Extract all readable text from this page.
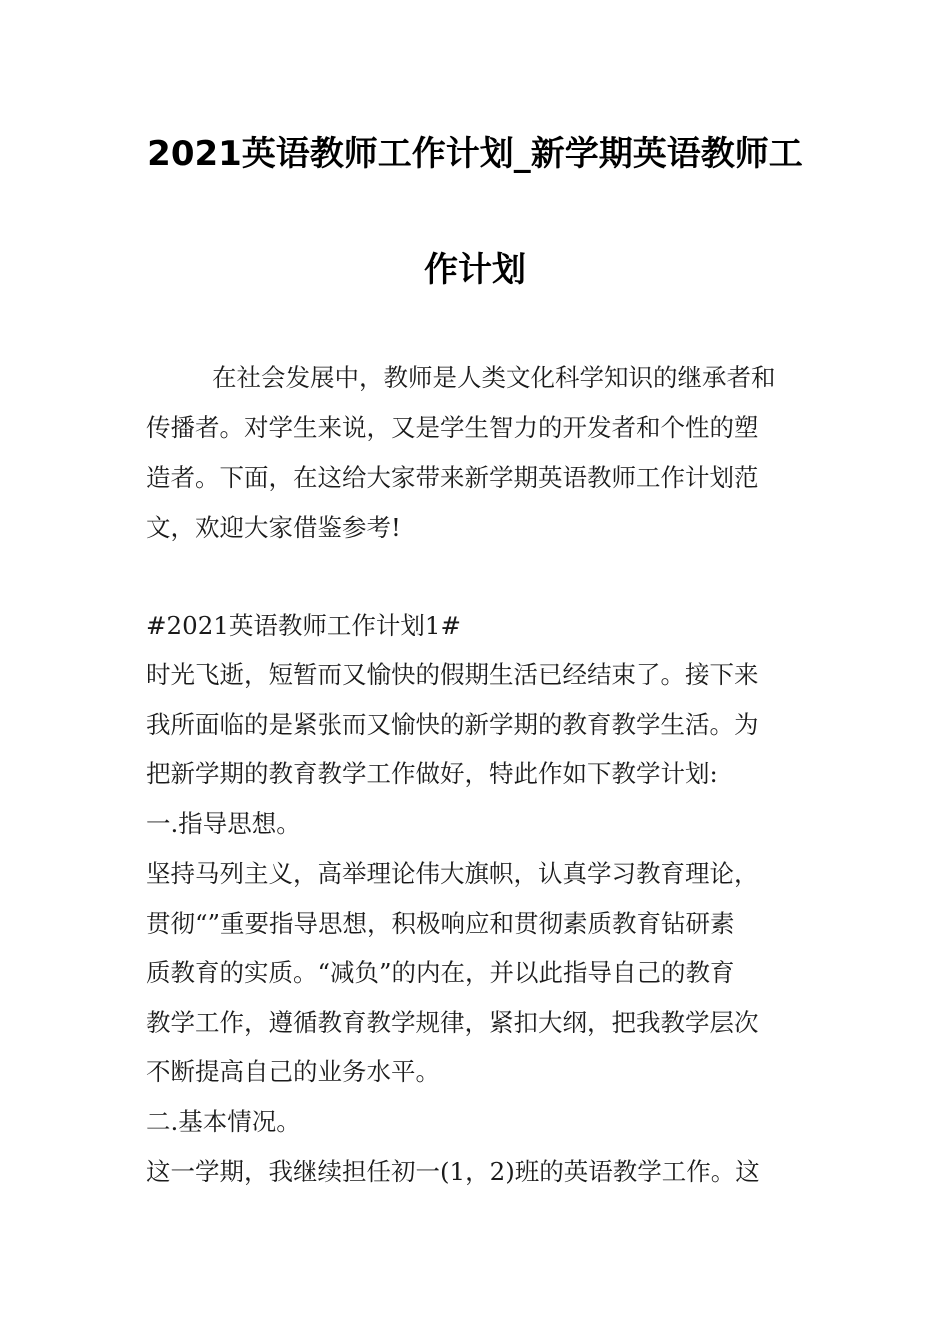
2021英语教师工作计划_新学期英语教师工
作计划
在社会发展中，教师是人类文化科学知识的继承者和
传播者。对学生来说，又是学生智力的开发者和个性的塑
造者。下面，在这给大家带来新学期英语教师工作计划范
文，欢迎大家借鉴参考!
#2021英语教师工作计划1#
时光飞逝，短暂而又愉快的假期生活已经结束了。接下来
我所面临的是紧张而又愉快的新学期的教育教学生活。为
把新学期的教育教学工作做好，特此作如下教学计划:
一.指导思想。
坚持马列主义，高举理论伟大旗帜，认真学习教育理论，
贯彻“”重要指导思想，积极响应和贯彻素质教育钻研素
质教育的实质。“减负”的内在，并以此指导自己的教育
教学工作，遵循教育教学规律，紧扣大纲，把我教学层次
不断提高自己的业务水平。
二.基本情况。
这一学期，我继续担任初一(1，2)班的英语教学工作。这
